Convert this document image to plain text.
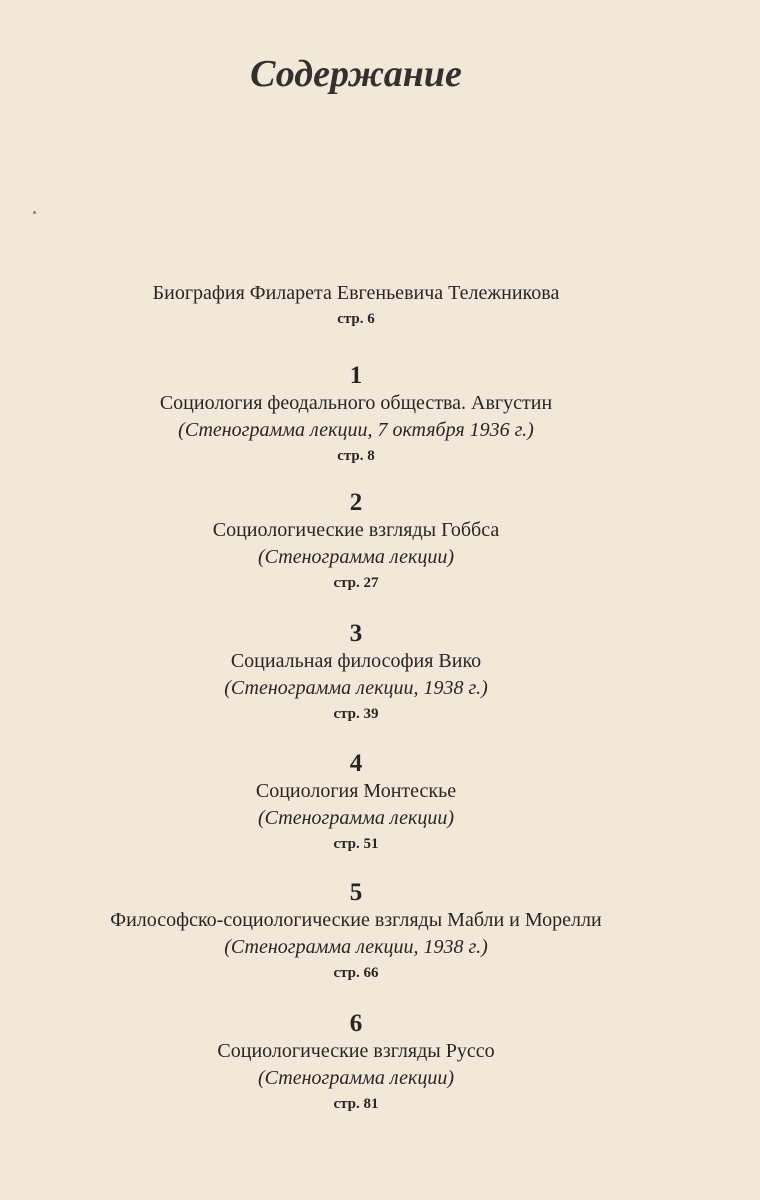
Содержание
Биография Филарета Евгеньевича Тележникова
стр. 6
1
Социология феодального общества. Августин
(Стенограмма лекции, 7 октября 1936 г.)
стр. 8
2
Социологические взгляды Гоббса
(Стенограмма лекции)
стр. 27
3
Социальная философия Вико
(Стенограмма лекции, 1938 г.)
стр. 39
4
Социология Монтескье
(Стенограмма лекции)
стр. 51
5
Философско-социологические взгляды Мабли и Морелли
(Стенограмма лекции, 1938 г.)
стр. 66
6
Социологические взгляды Руссо
(Стенограмма лекции)
стр. 81
